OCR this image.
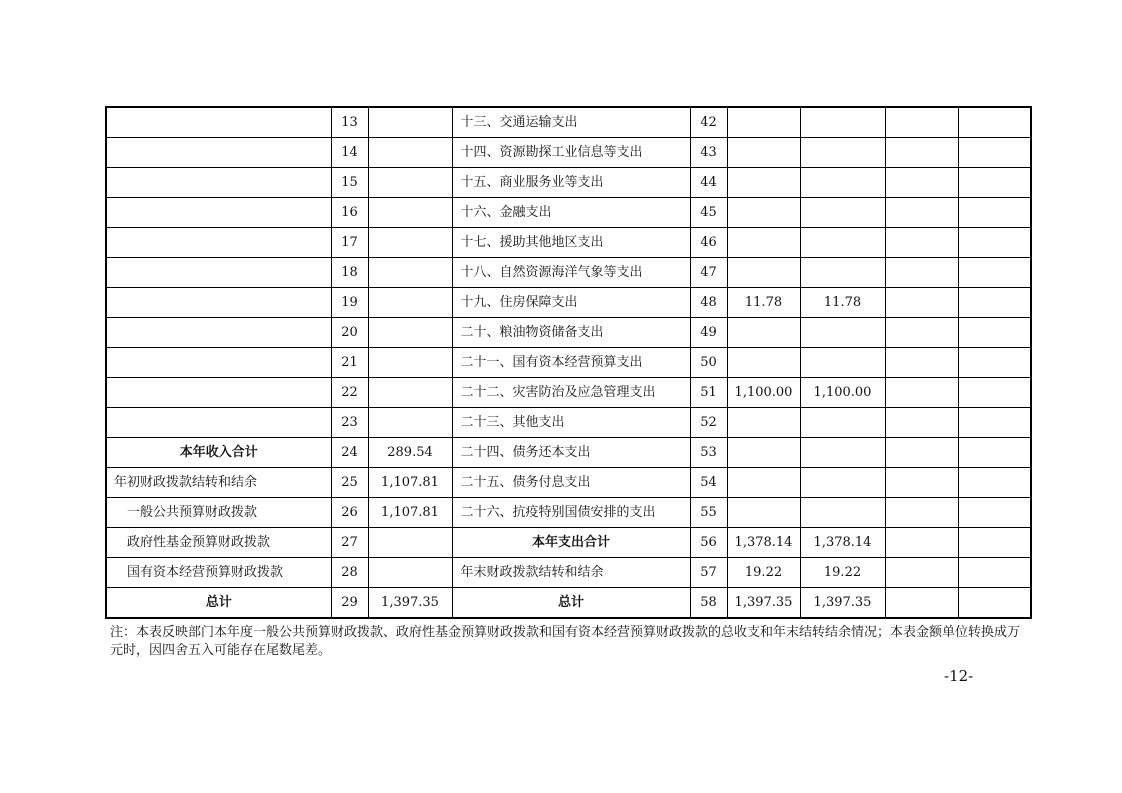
	13		十三、交通运输支出	42				
	14		十四、资源勘探工业信息等支出	43				
	15		十五、商业服务业等支出	44				
	16		十六、金融支出	45				
	17		十七、援助其他地区支出	46				
	18		十八、自然资源海洋气象等支出	47				
	19		十九、住房保障支出	48	11.78	11.78		
	20		二十、粮油物资储备支出	49				
	21		二十一、国有资本经营预算支出	50				
	22		二十二、灾害防治及应急管理支出	51	1,100.00	1,100.00		
	23		二十三、其他支出	52				
本年收入合计	24	289.54	二十四、债务还本支出	53				
年初财政拨款结转和结余	25	1,107.81	二十五、债务付息支出	54				
一般公共预算财政拨款	26	1,107.81	二十六、抗疫特别国债安排的支出	55				
政府性基金预算财政拨款	27		本年支出合计	56	1,378.14	1,378.14		
国有资本经营预算财政拨款	28		年末财政拨款结转和结余	57	19.22	19.22		
总计	29	1,397.35	总计	58	1,397.35	1,397.35		

注：本表反映部门本年度一般公共预算财政拨款、政府性基金预算财政拨款和国有资本经营预算财政拨款的总收支和年末结转结余情况；本表金额单位转换成万元时，因四舍五入可能存在尾数尾差。

-12-
